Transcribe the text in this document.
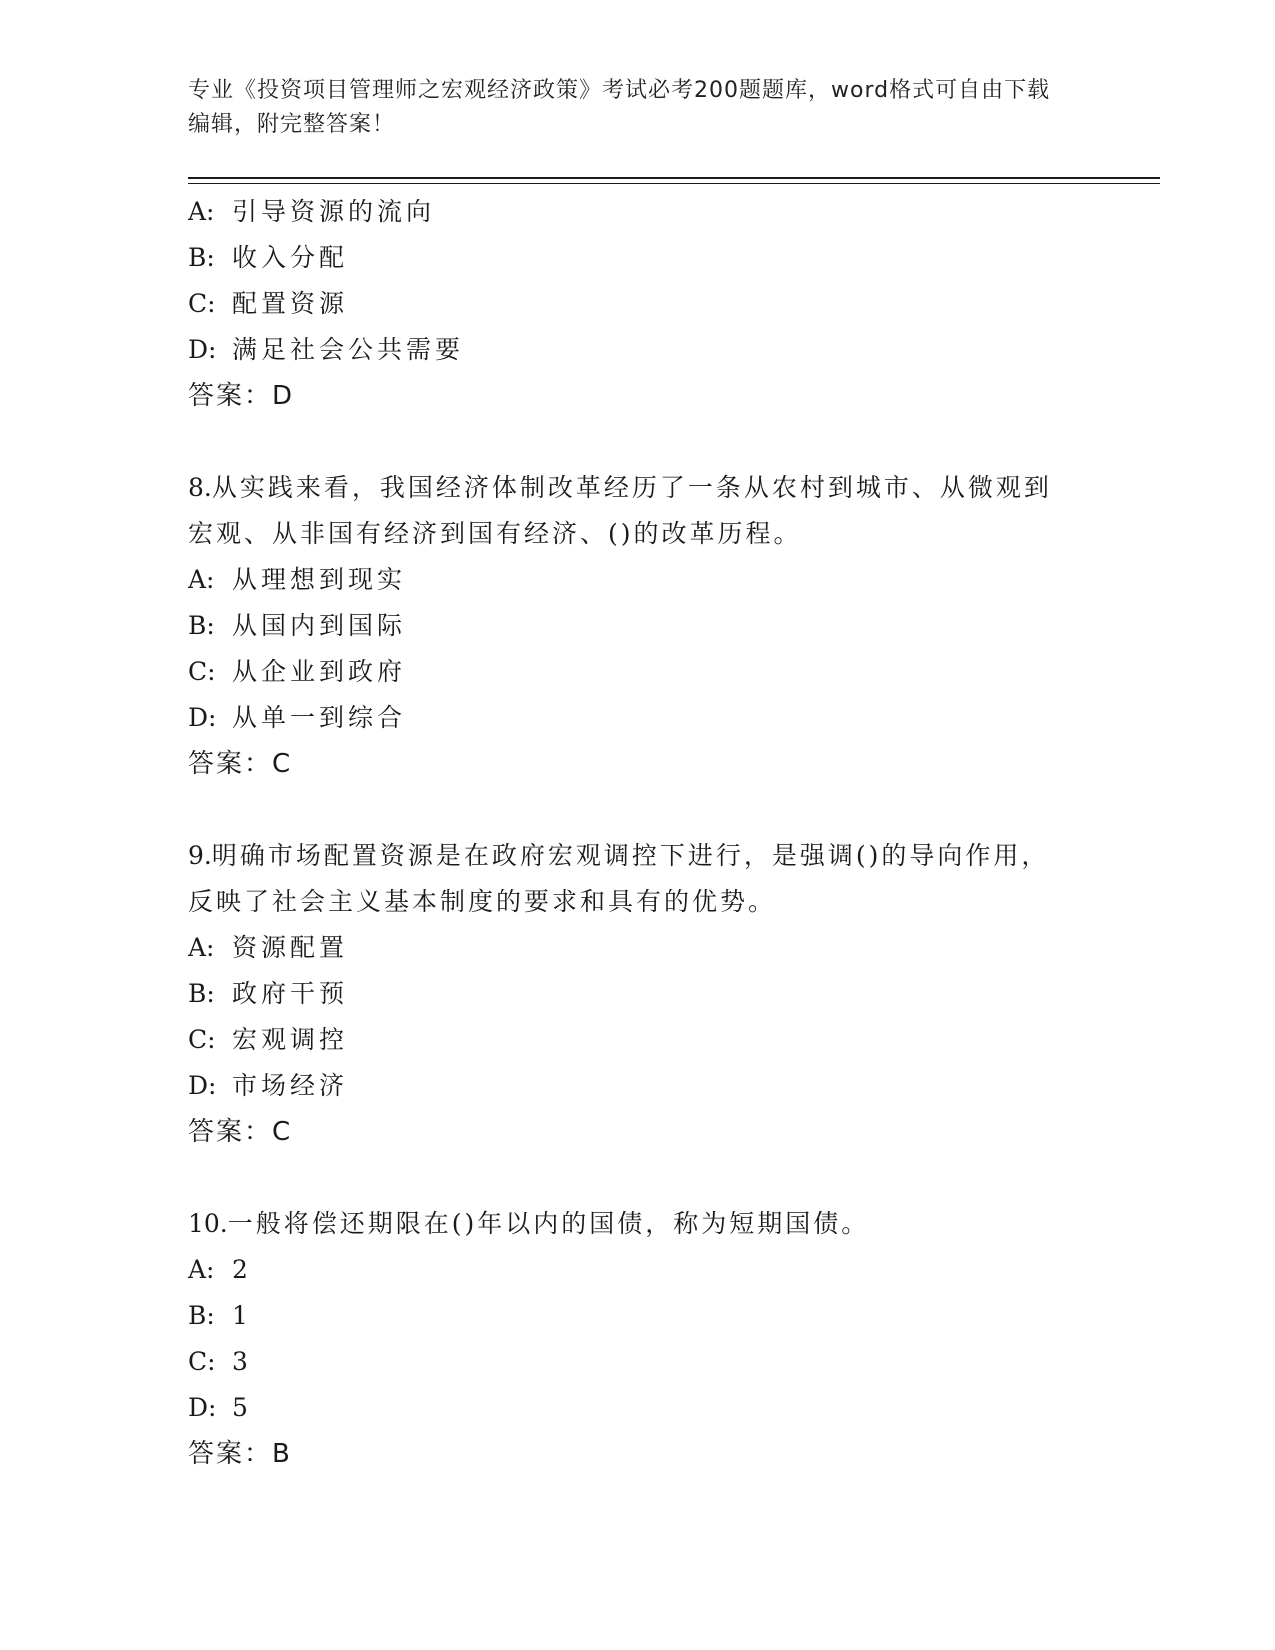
专业《投资项目管理师之宏观经济政策》考试必考200题题库，word格式可自由下载编辑，附完整答案！
A: 引导资源的流向
B: 收入分配
C: 配置资源
D: 满足社会公共需要
答案：D
8.从实践来看，我国经济体制改革经历了一条从农村到城市、从微观到宏观、从非国有经济到国有经济、()的改革历程。
A: 从理想到现实
B: 从国内到国际
C: 从企业到政府
D: 从单一到综合
答案：C
9.明确市场配置资源是在政府宏观调控下进行，是强调()的导向作用，反映了社会主义基本制度的要求和具有的优势。
A: 资源配置
B: 政府干预
C: 宏观调控
D: 市场经济
答案：C
10.一般将偿还期限在()年以内的国债，称为短期国债。
A: 2
B: 1
C: 3
D: 5
答案：B
